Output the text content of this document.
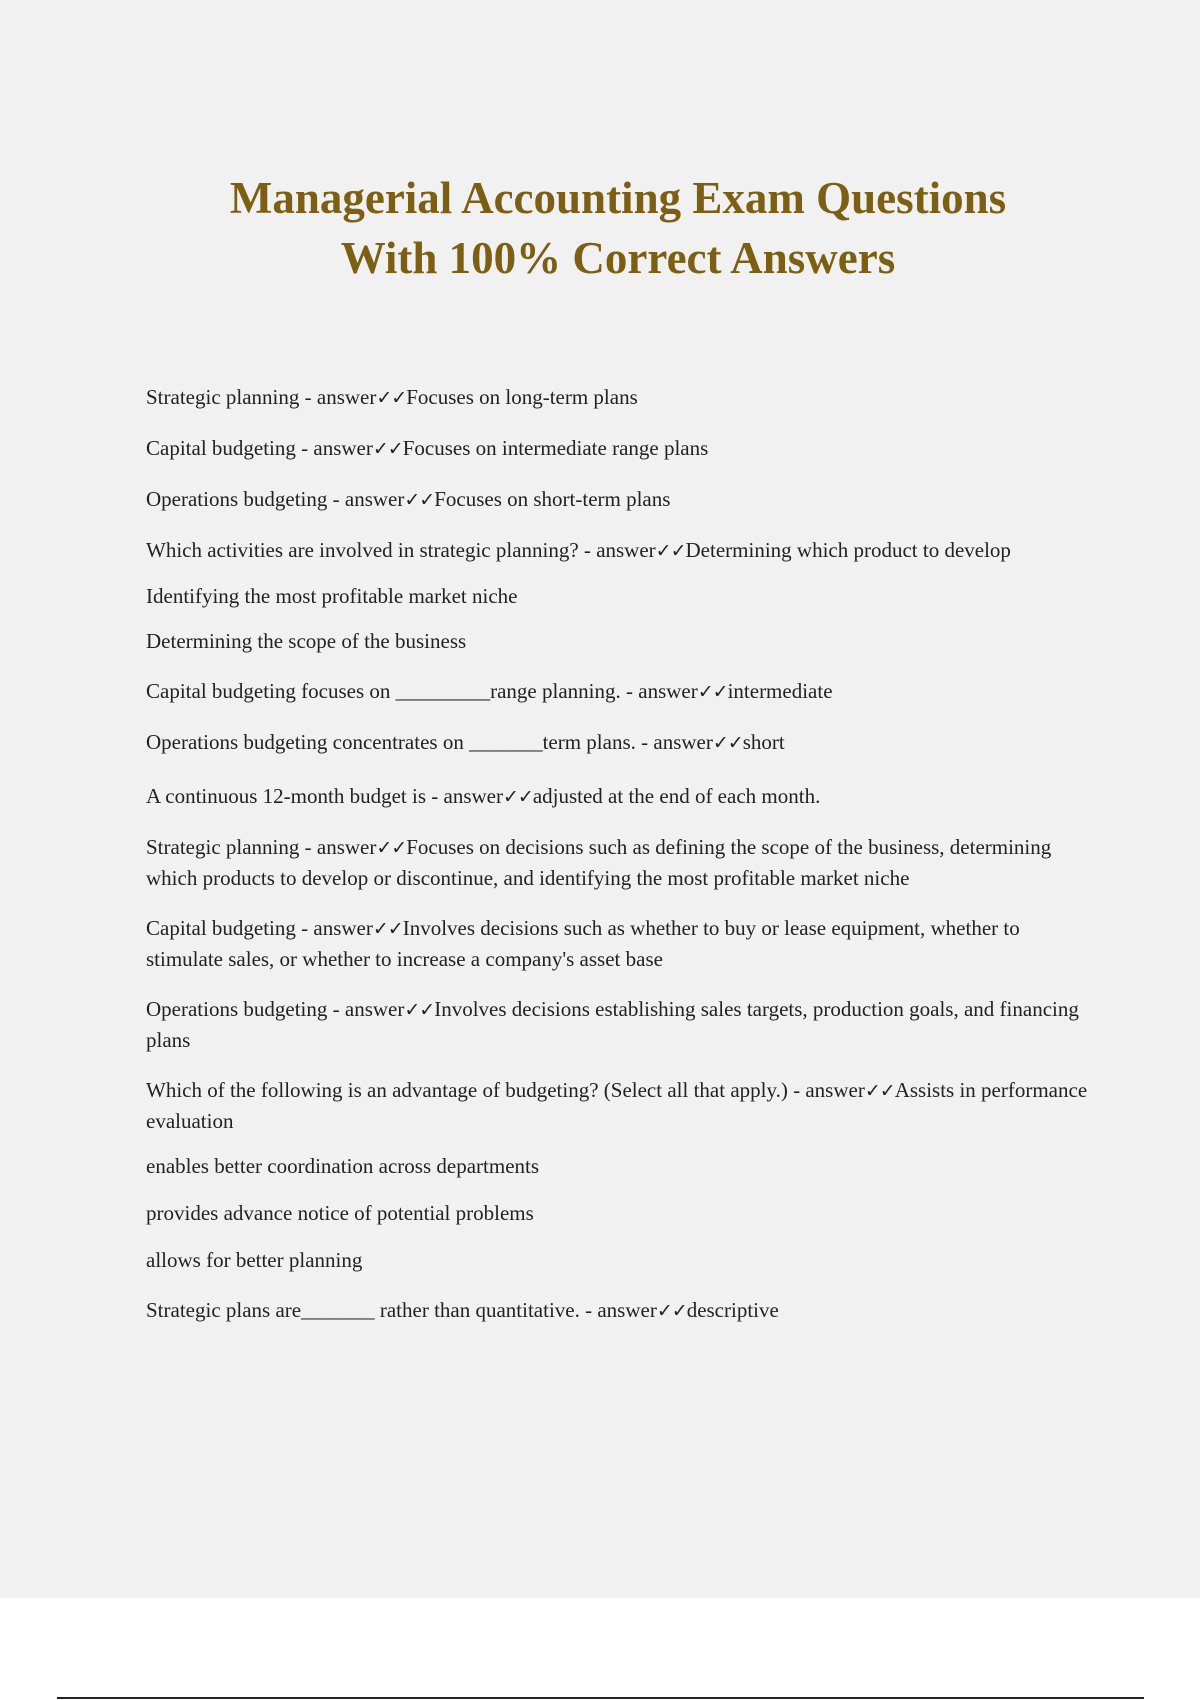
Managerial Accounting Exam Questions
With 100% Correct Answers
Strategic planning - answer✓✓Focuses on long-term plans
Capital budgeting - answer✓✓Focuses on intermediate range plans
Operations budgeting - answer✓✓Focuses on short-term plans
Which activities are involved in strategic planning? - answer✓✓Determining which product to develop
Identifying the most profitable market niche
Determining the scope of the business
Capital budgeting focuses on _________range planning. - answer✓✓intermediate
Operations budgeting concentrates on _______term plans. - answer✓✓short
A continuous 12-month budget is - answer✓✓adjusted at the end of each month.
Strategic planning - answer✓✓Focuses on decisions such as defining the scope of the business, determining which products to develop or discontinue, and identifying the most profitable market niche
Capital budgeting - answer✓✓Involves decisions such as whether to buy or lease equipment, whether to stimulate sales, or whether to increase a company's asset base
Operations budgeting - answer✓✓Involves decisions establishing sales targets, production goals, and financing plans
Which of the following is an advantage of budgeting? (Select all that apply.) - answer✓✓Assists in performance evaluation
enables better coordination across departments
provides advance notice of potential problems
allows for better planning
Strategic plans are_______ rather than quantitative. - answer✓✓descriptive
